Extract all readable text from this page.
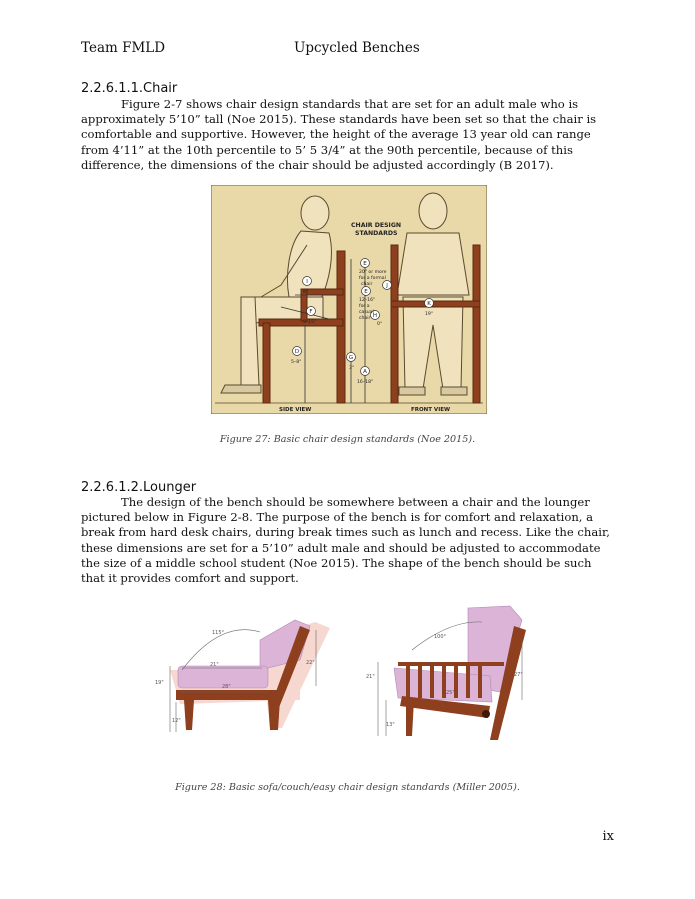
Team FMLD	Upcycled Benches
2.2.6.1.1.Chair

Figure 2-7 shows chair design standards that are set for an adult male who is approximately 5’10” tall (Noe 2015). These standards have been set so that the chair is comfortable and supportive. However, the height of the average 13 year old can range from 4’11” at the 10th percentile to 5’ 5 3/4” at the 90th percentile, because of this difference, the dimensions of the chair should be adjusted accordingly (B 2017).

CHAIR DESIGN
STANDARDS
E
E
J
I
F
H
K
D
G
A
8"
5–15°
5–8°
3"
16–18"
20" or more
for a formal
chair
12–16"
for a
casual
chair
0°
19"
SIDE VIEW	FRONT VIEW
Figure 27: Basic chair design standards (Noe 2015).
2.2.6.1.2.Lounger

The design of the bench should be somewhere between a chair and the lounger pictured below in Figure 2-8. The purpose of the bench is for comfort and relaxation, a break from hard desk chairs, during break times such as lunch and recess. Like the chair, these dimensions are set for a 5’10” adult male and should be adjusted to accommodate the size of a middle school student (Noe 2015). The shape of the bench should be such that it provides comfort and support.

115°
21"
28"
19"
12"
22"
100°
20"
25"
21"
13"
27"
Figure 28: Basic sofa/couch/easy chair design standards (Miller 2005).
ix
